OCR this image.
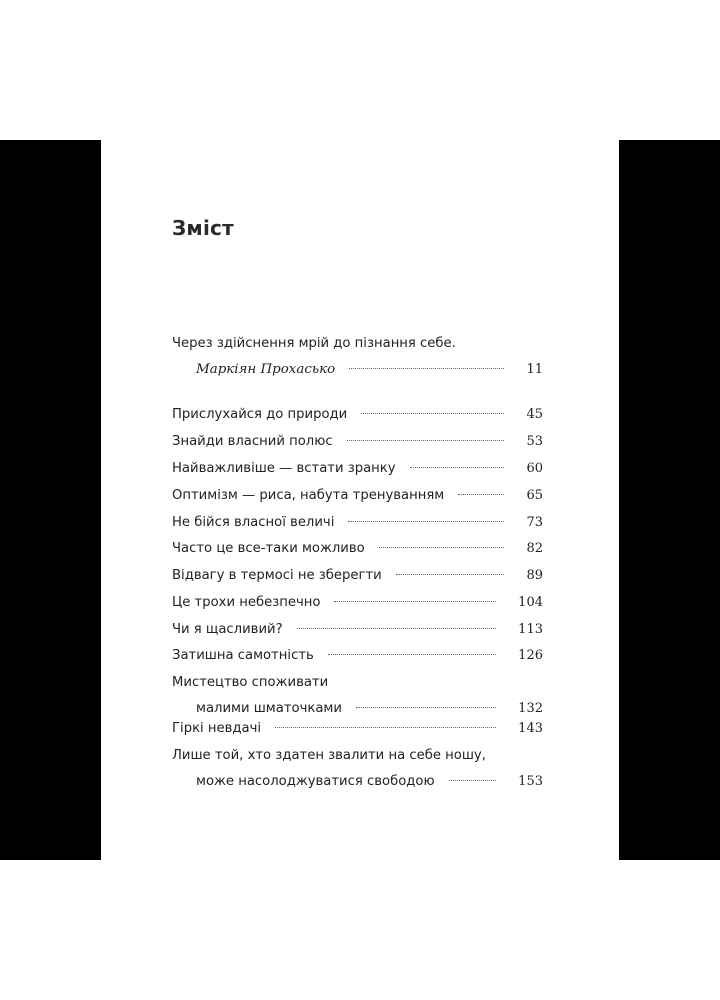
Зміст
Через здійснення мрій до пізнання себе.
Маркіян Прохасько	11
Прислухайся до природи	45
Знайди власний полюс	53
Найважливіше — встати зранку	60
Оптимізм — риса, набута тренуванням	65
Не бійся власної величі	73
Часто це все-таки можливо	82
Відвагу в термосі не зберегти	89
Це трохи небезпечно	104
Чи я щасливий?	113
Затишна самотність	126
Мистецтво споживати
малими шматочками	132
Гіркі невдачі	143
Лише той, хто здатен звалити на себе ношу,
може насолоджуватися свободою	153
